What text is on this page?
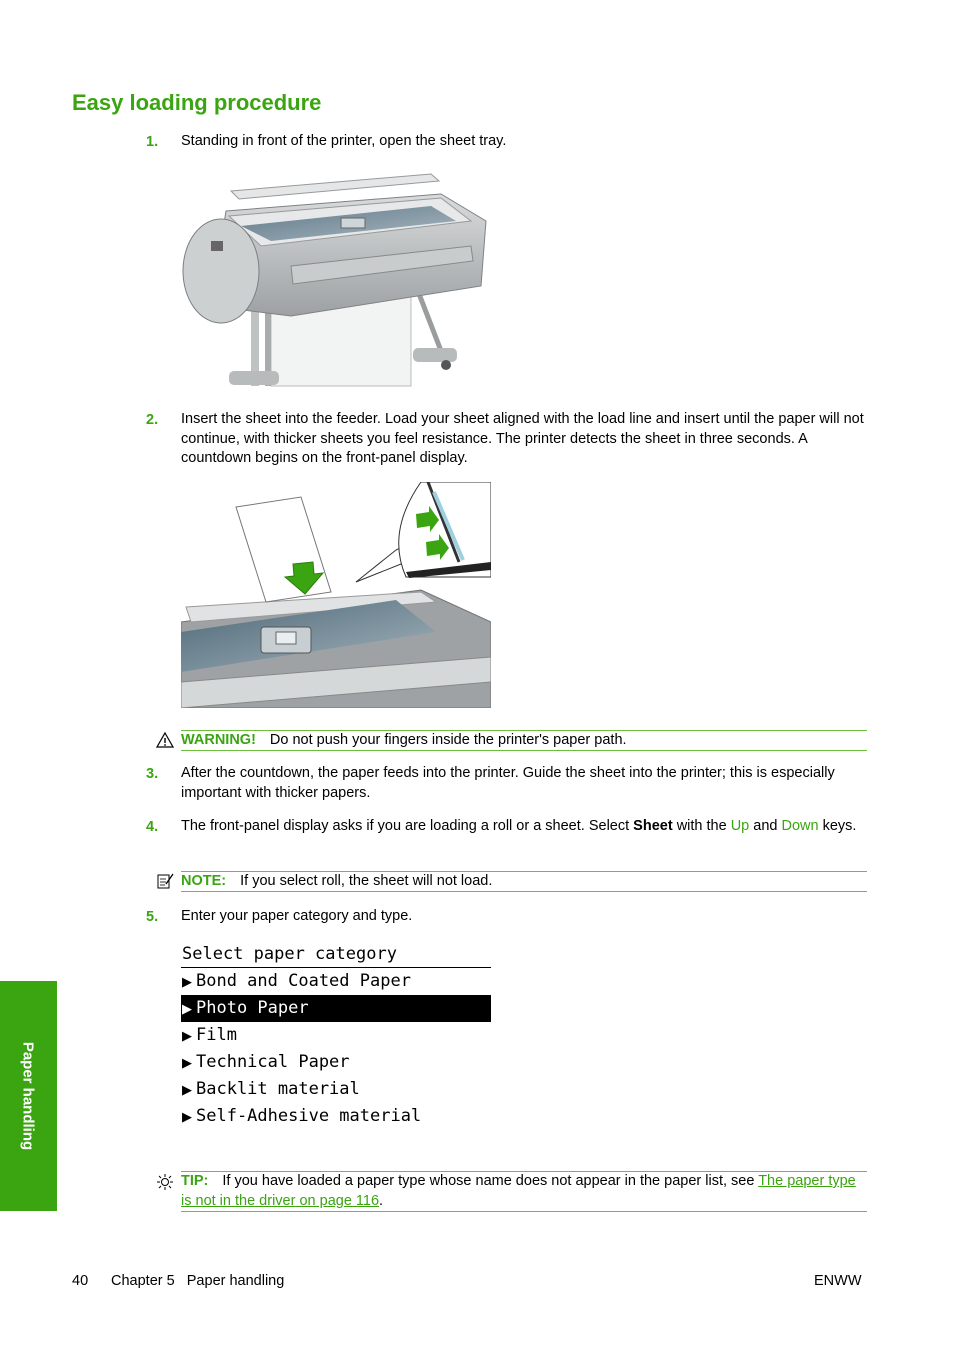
Easy loading procedure
1. Standing in front of the printer, open the sheet tray.
2. Insert the sheet into the feeder. Load your sheet aligned with the load line and insert until the paper will not continue, with thicker sheets you feel resistance. The printer detects the sheet in three seconds. A countdown begins on the front-panel display.
WARNING! Do not push your fingers inside the printer's paper path.
3. After the countdown, the paper feeds into the printer. Guide the sheet into the printer; this is especially important with thicker papers.
4. The front-panel display asks if you are loading a roll or a sheet. Select Sheet with the Up and Down keys.
NOTE: If you select roll, the sheet will not load.
5. Enter your paper category and type.
Select paper category
▶ Bond and Coated Paper
▶ Photo Paper
▶ Film
▶ Technical Paper
▶ Backlit material
▶ Self-Adhesive material
TIP: If you have loaded a paper type whose name does not appear in the paper list, see The paper type is not in the driver on page 116.
Paper handling
40 Chapter 5   Paper handling	ENWW
